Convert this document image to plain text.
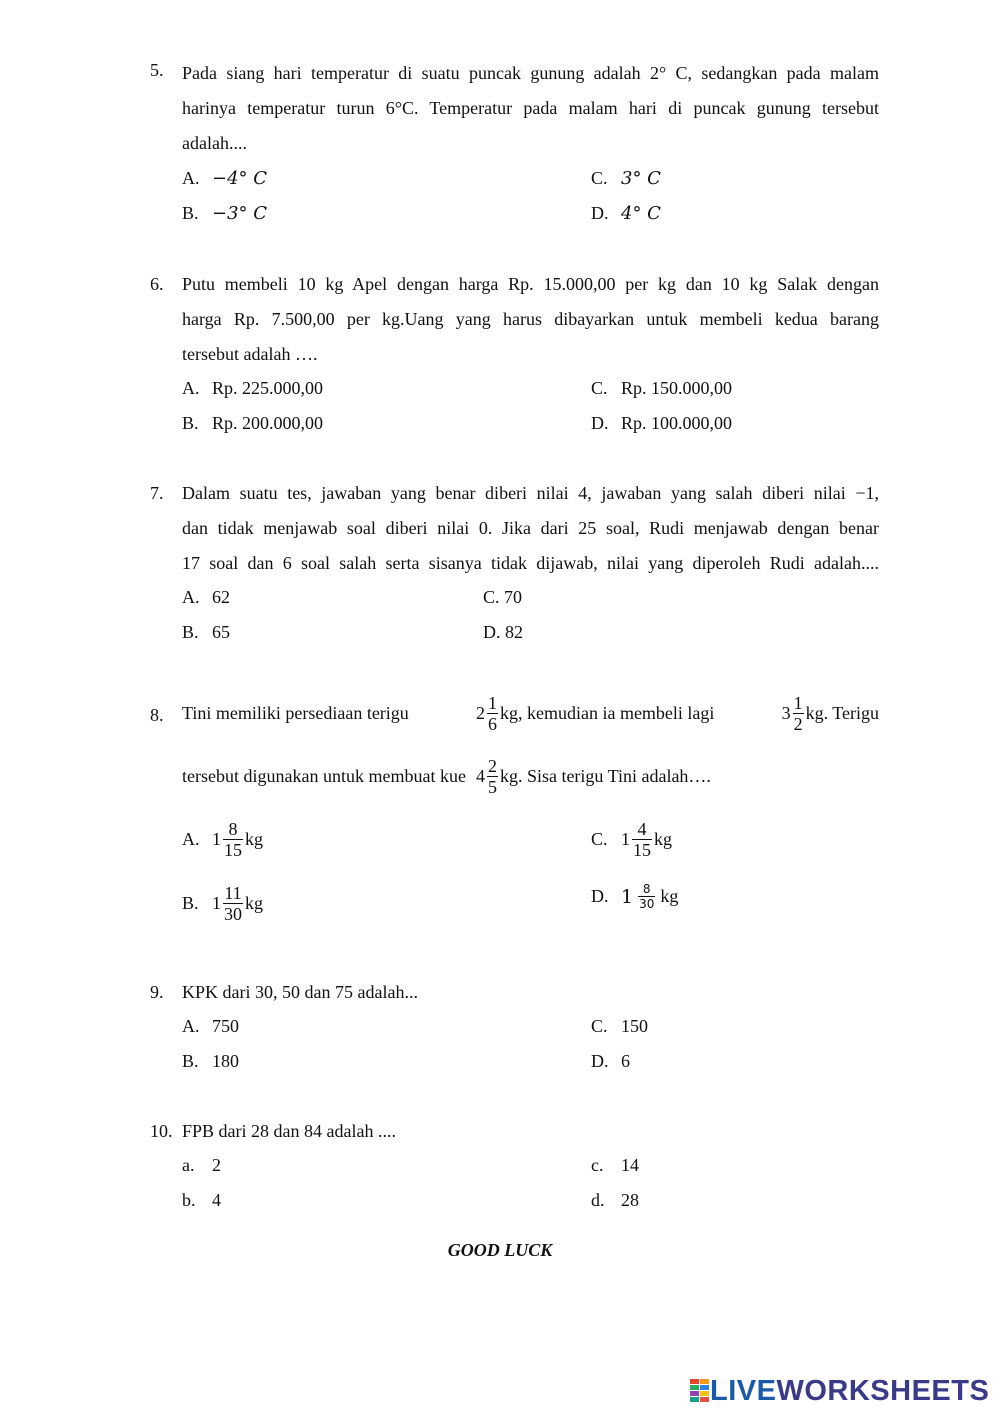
5. Pada siang hari temperatur di suatu puncak gunung adalah 2° C, sedangkan pada malam
harinya temperatur turun 6°C. Temperatur pada malam hari di puncak gunung tersebut
adalah....
A. −4° C
B. −3° C
C. 3° C
D. 4° C
6. Putu membeli 10 kg Apel dengan harga Rp. 15.000,00 per kg dan 10 kg Salak dengan
harga Rp. 7.500,00 per kg.Uang yang harus dibayarkan untuk membeli kedua barang
tersebut adalah ….
A. Rp. 225.000,00
B. Rp. 200.000,00
C. Rp. 150.000,00
D. Rp. 100.000,00
7. Dalam suatu tes, jawaban yang benar diberi nilai 4, jawaban yang salah diberi nilai −1,
dan tidak menjawab soal diberi nilai 0. Jika dari 25 soal, Rudi menjawab dengan benar
17 soal dan 6 soal salah serta sisanya tidak dijawab, nilai yang diperoleh Rudi adalah....
A. 62
B. 65
C. 70
D. 82
8. Tini memiliki persediaan terigu	$2 \frac{1}{6}$ kg, kemudian ia membeli lagi	$3 \frac{1}{2}$ kg. Terigu
tersebut digunakan untuk membuat kue $4 \frac{2}{5}$ kg. Sisa terigu Tini adalah….
A. $1 \frac{8}{15}$ kg
B. $1 \frac{11}{30}$ kg
C. $1 \frac{4}{15}$ kg
D. $1 \frac{8}{30}$ kg
9. KPK dari 30, 50 dan 75 adalah...
A. 750
B. 180
C. 150
D. 6
10. FPB dari 28 dan 84 adalah ....
a. 2
b. 4
c. 14
d. 28
GOOD LUCK
LIVEWORKSHEETS
